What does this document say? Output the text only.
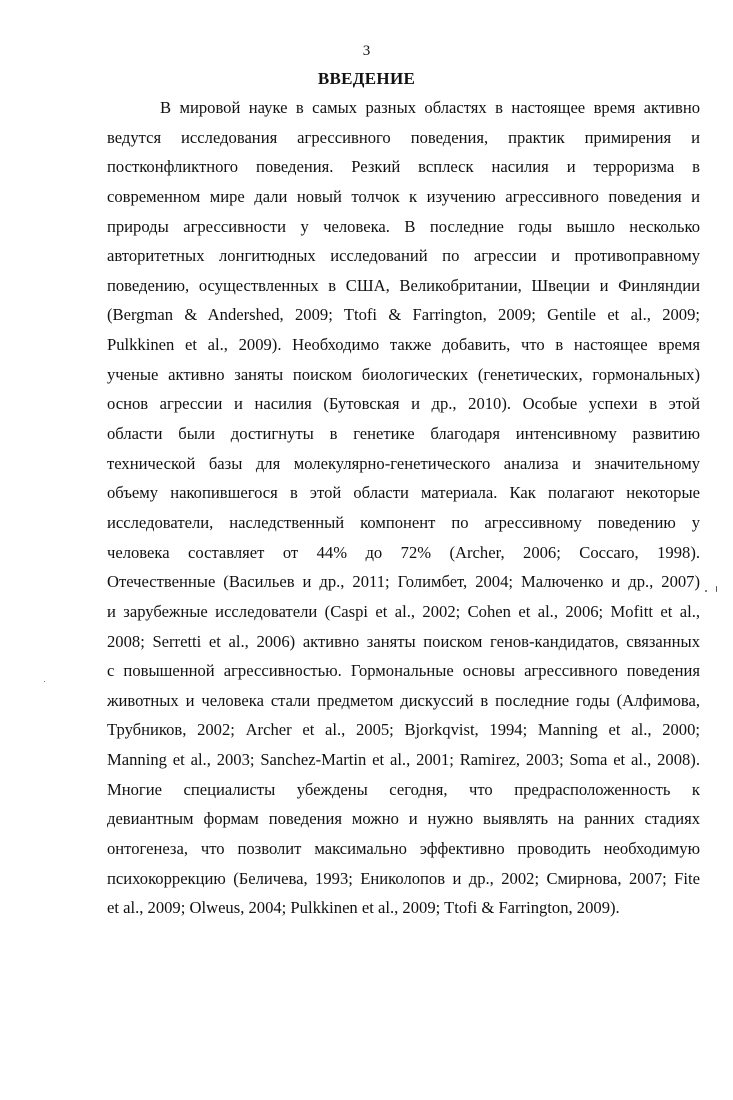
3
ВВЕДЕНИЕ
В мировой науке в самых разных областях в настоящее время активно
ведутся исследования агрессивного поведения, практик примирения и
постконфликтного поведения. Резкий всплеск насилия и терроризма в
современном мире дали новый толчок к изучению агрессивного поведения и
природы агрессивности у человека. В последние годы вышло несколько
авторитетных лонгитюдных исследований по агрессии и противоправному
поведению, осуществленных в США, Великобритании, Швеции и Финляндии
(Bergman & Andershed, 2009; Ttofi & Farrington, 2009; Gentile et al., 2009;
Pulkkinen et al., 2009). Необходимо также добавить, что в настоящее время
ученые активно заняты поиском биологических (генетических, гормональных)
основ агрессии и насилия (Бутовская и др., 2010). Особые успехи в этой
области были достигнуты в генетике благодаря интенсивному развитию
технической базы для молекулярно-генетического анализа и значительному
объему накопившегося в этой области материала. Как полагают некоторые
исследователи, наследственный компонент по агрессивному поведению у
человека составляет от 44% до 72% (Archer, 2006; Coccaro, 1998).
Отечественные (Васильев и др., 2011; Голимбет, 2004; Малюченко и др., 2007)
и зарубежные исследователи (Caspi et al., 2002; Cohen et al., 2006; Mofitt et al.,
2008; Serretti et al., 2006) активно заняты поиском генов-кандидатов, связанных
с повышенной агрессивностью. Гормональные основы агрессивного поведения
животных и человека стали предметом дискуссий в последние годы (Алфимова,
Трубников, 2002; Archer et al., 2005; Bjorkqvist, 1994; Manning et al., 2000;
Manning et al., 2003; Sanchez-Martin et al., 2001; Ramirez, 2003; Soma et al., 2008).
Многие специалисты убеждены сегодня, что предрасположенность к
девиантным формам поведения можно и нужно выявлять на ранних стадиях
онтогенеза, что позволит максимально эффективно проводить необходимую
психокоррекцию (Беличева, 1993; Ениколопов и др., 2002; Смирнова, 2007; Fite
et al., 2009; Olweus, 2004; Pulkkinen et al., 2009; Ttofi & Farrington, 2009).
